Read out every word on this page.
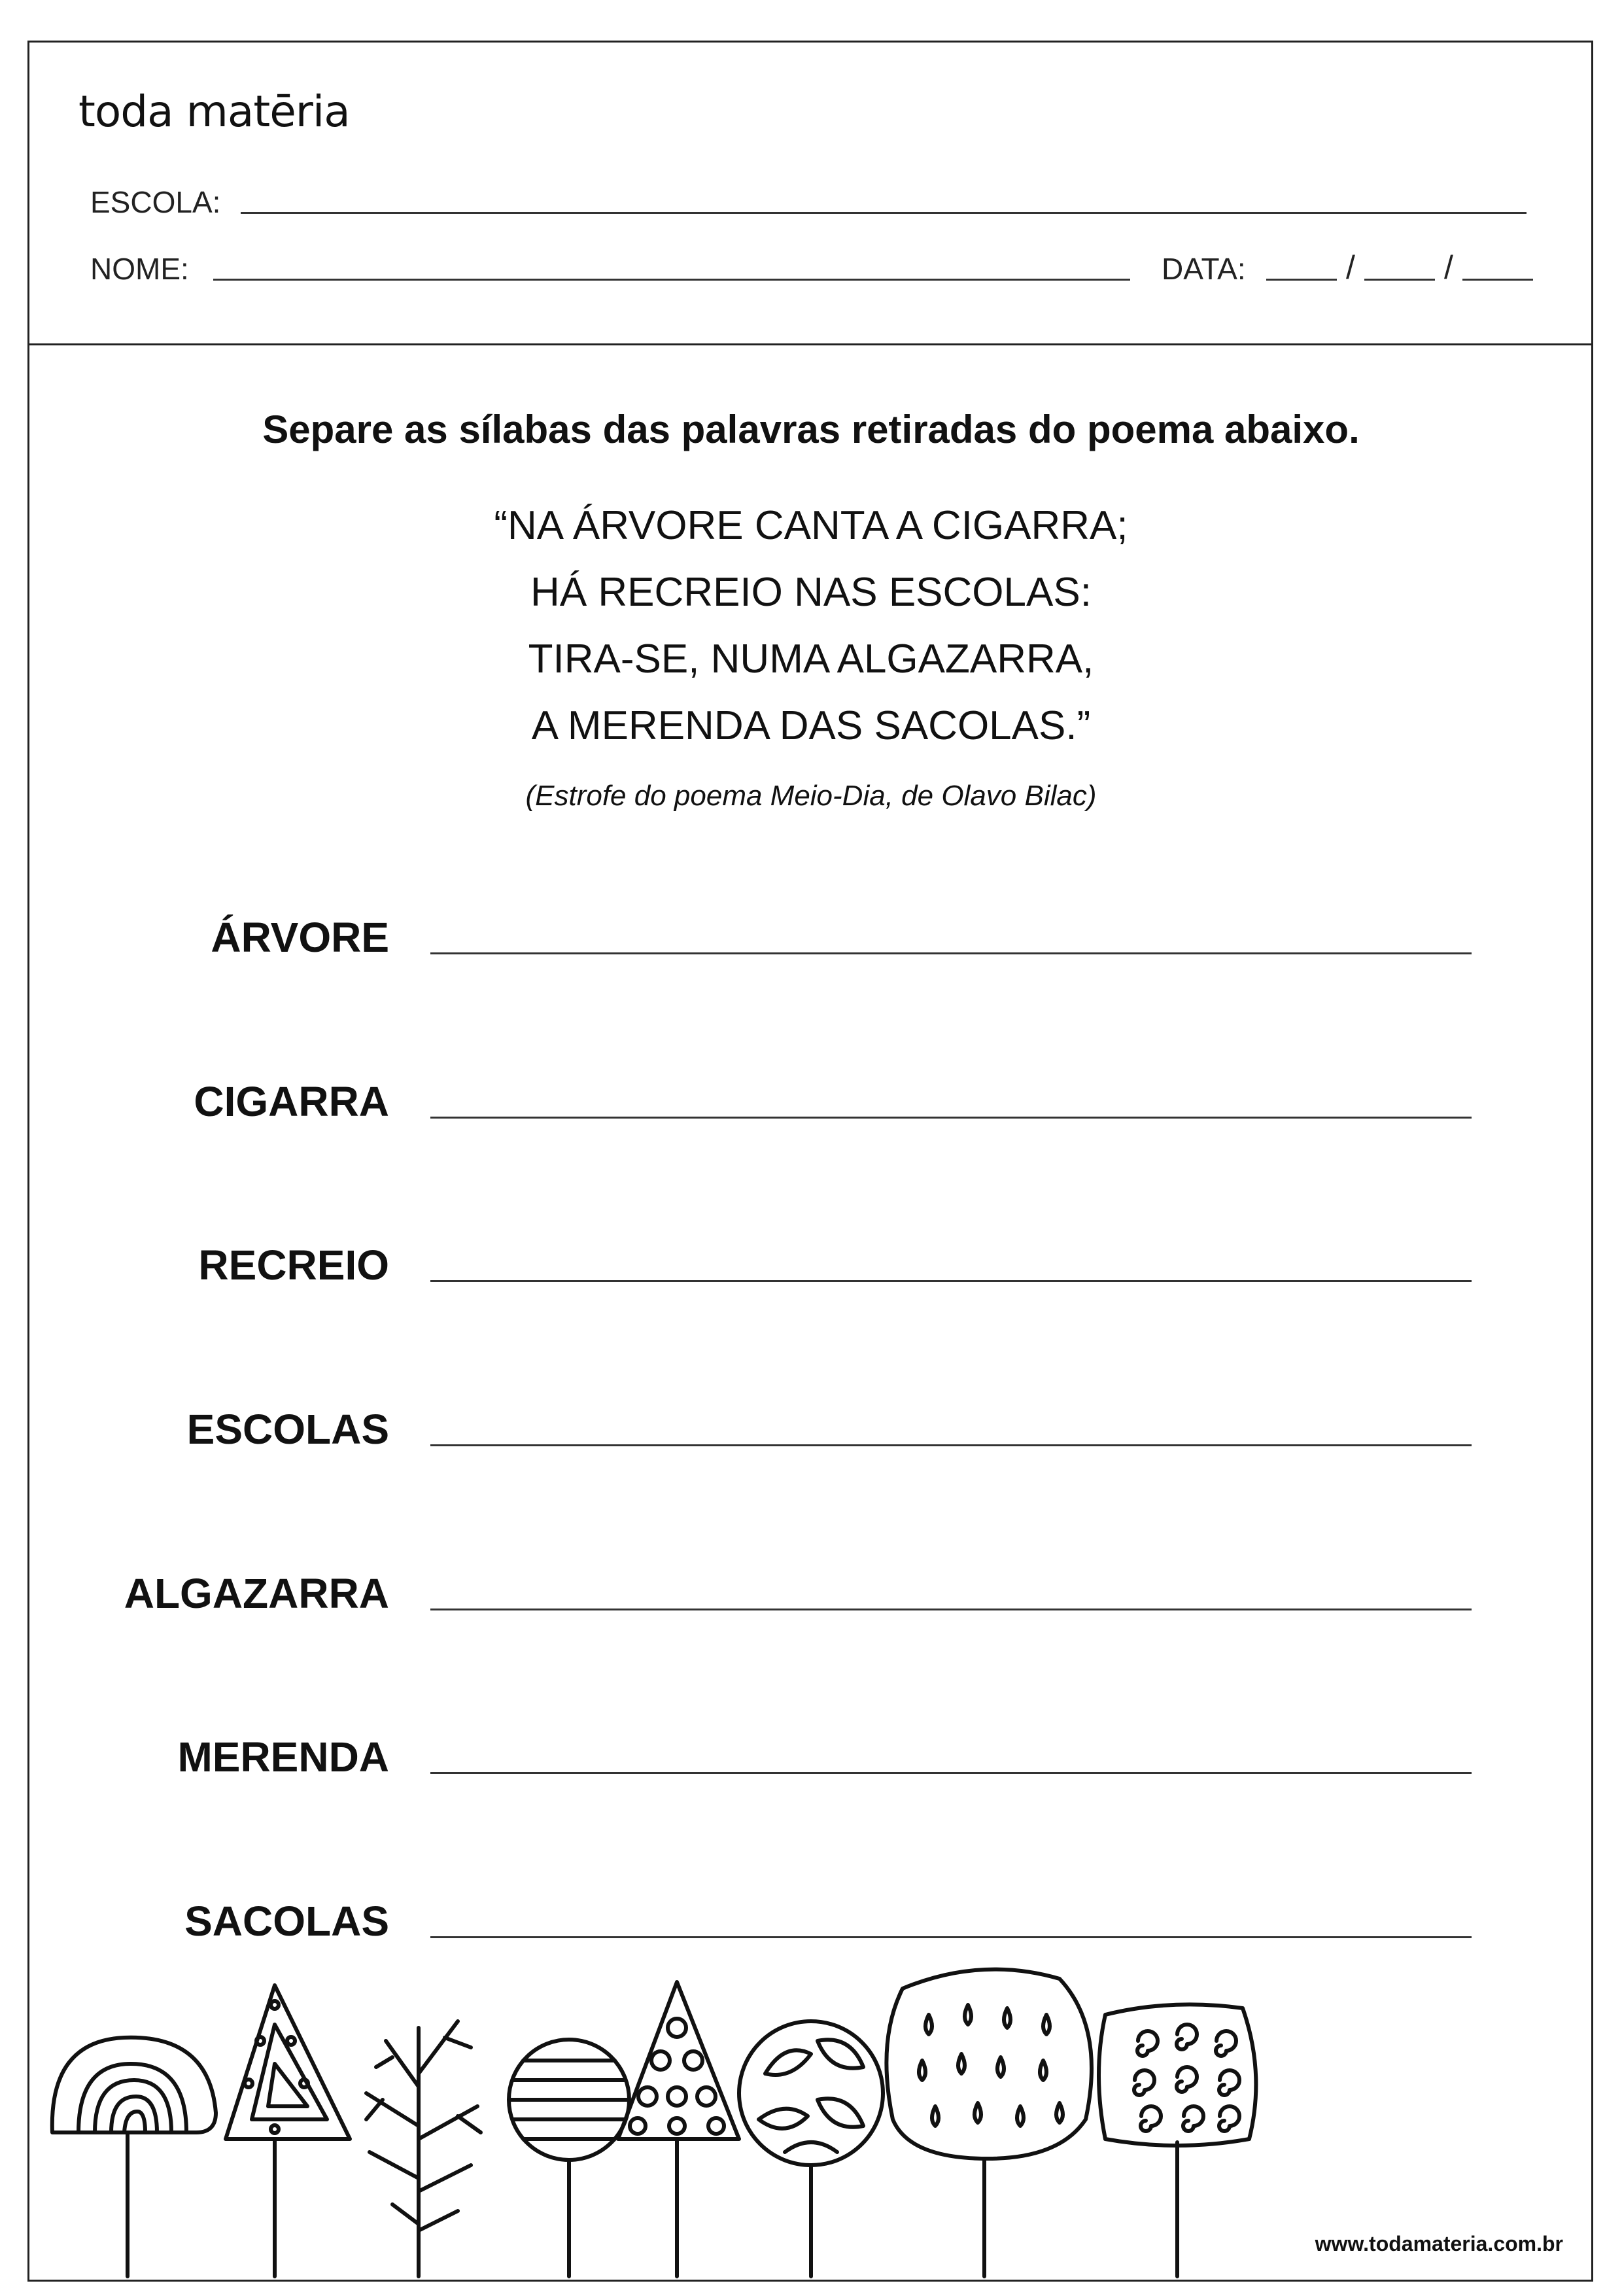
toda matēria
ESCOLA:
NOME:	DATA:	/	/
Separe as sílabas das palavras retiradas do poema abaixo.
“NA ÁRVORE CANTA A CIGARRA;
HÁ RECREIO NAS ESCOLAS:
TIRA-SE, NUMA ALGAZARRA,
A MERENDA DAS SACOLAS.”
(Estrofe do poema Meio-Dia, de Olavo Bilac)
ÁRVORE
CIGARRA
RECREIO
ESCOLAS
ALGAZARRA
MERENDA
SACOLAS
www.todamateria.com.br
